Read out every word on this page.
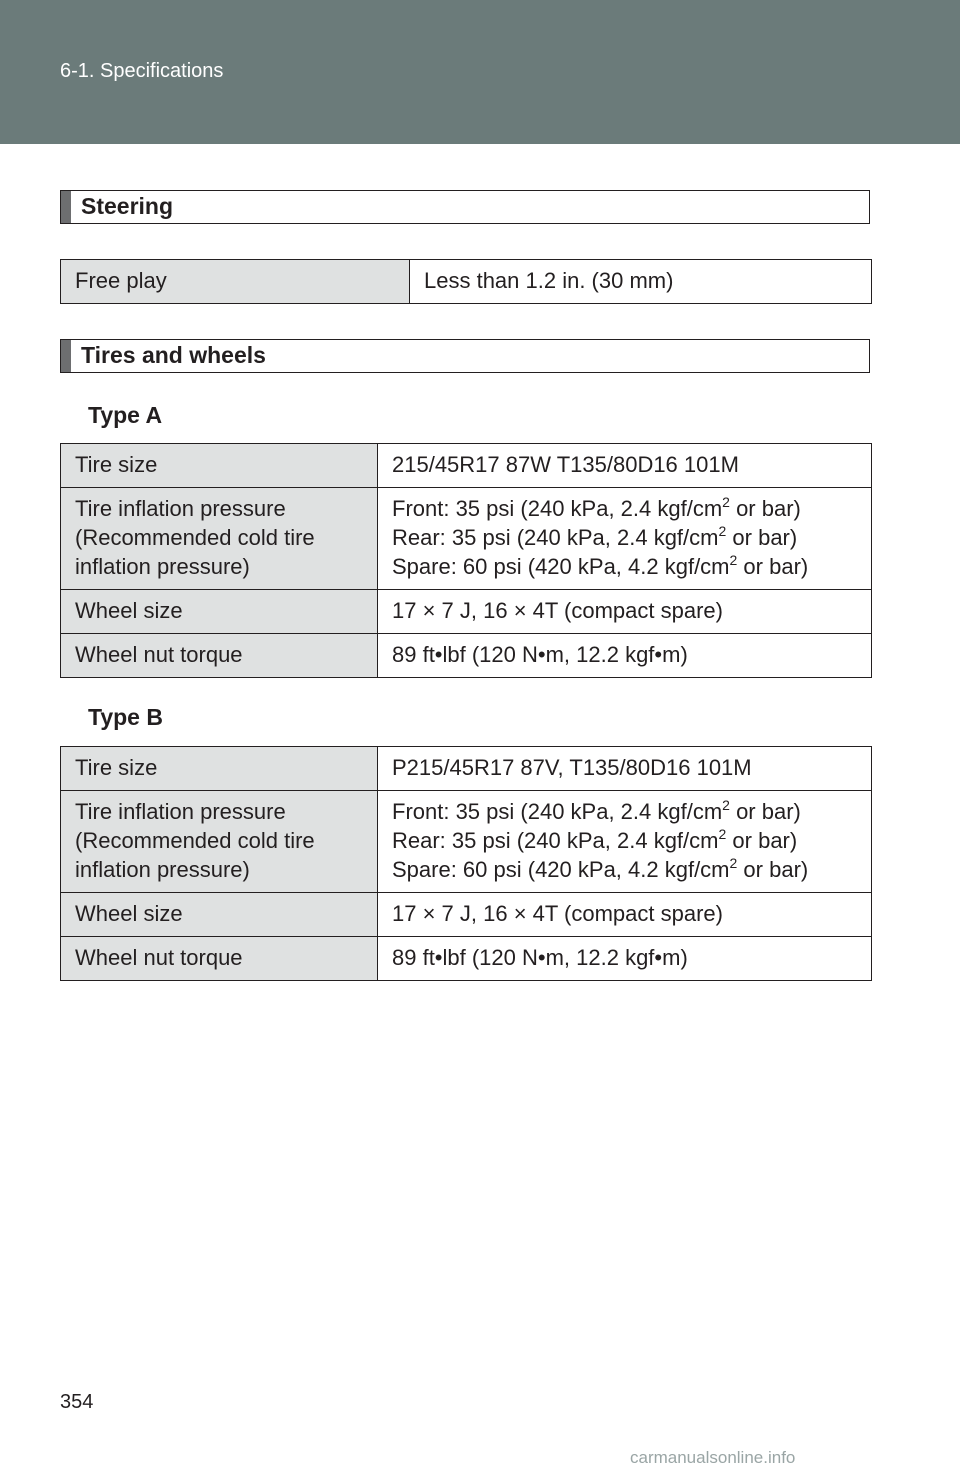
6-1. Specifications
Steering
Free play	Less than 1.2 in. (30 mm)
Tires and wheels
Type A
Tire size	215/45R17 87W T135/80D16 101M

Tire inflation pressure
(Recommended cold tire
inflation pressure)	Front: 35 psi (240 kPa, 2.4 kgf/$cm^2$ or bar)
Rear: 35 psi (240 kPa, 2.4 kgf/$cm^2$ or bar)
Spare: 60 psi (420 kPa, 4.2 kgf/$cm^2$ or bar)

Wheel size	17 × 7 J, 16 × 4T (compact spare)
Wheel nut torque	89 ft•lbf (120 N•m, 12.2 kgf•m)
Type B
Tire size	P215/45R17 87V, T135/80D16 101M

Tire inflation pressure
(Recommended cold tire
inflation pressure)	Front: 35 psi (240 kPa, 2.4 kgf/$cm^2$ or bar)
Rear: 35 psi (240 kPa, 2.4 kgf/$cm^2$ or bar)
Spare: 60 psi (420 kPa, 4.2 kgf/$cm^2$ or bar)

Wheel size	17 × 7 J, 16 × 4T (compact spare)
Wheel nut torque	89 ft•lbf (120 N•m, 12.2 kgf•m)
354
carmanualsonline.info
